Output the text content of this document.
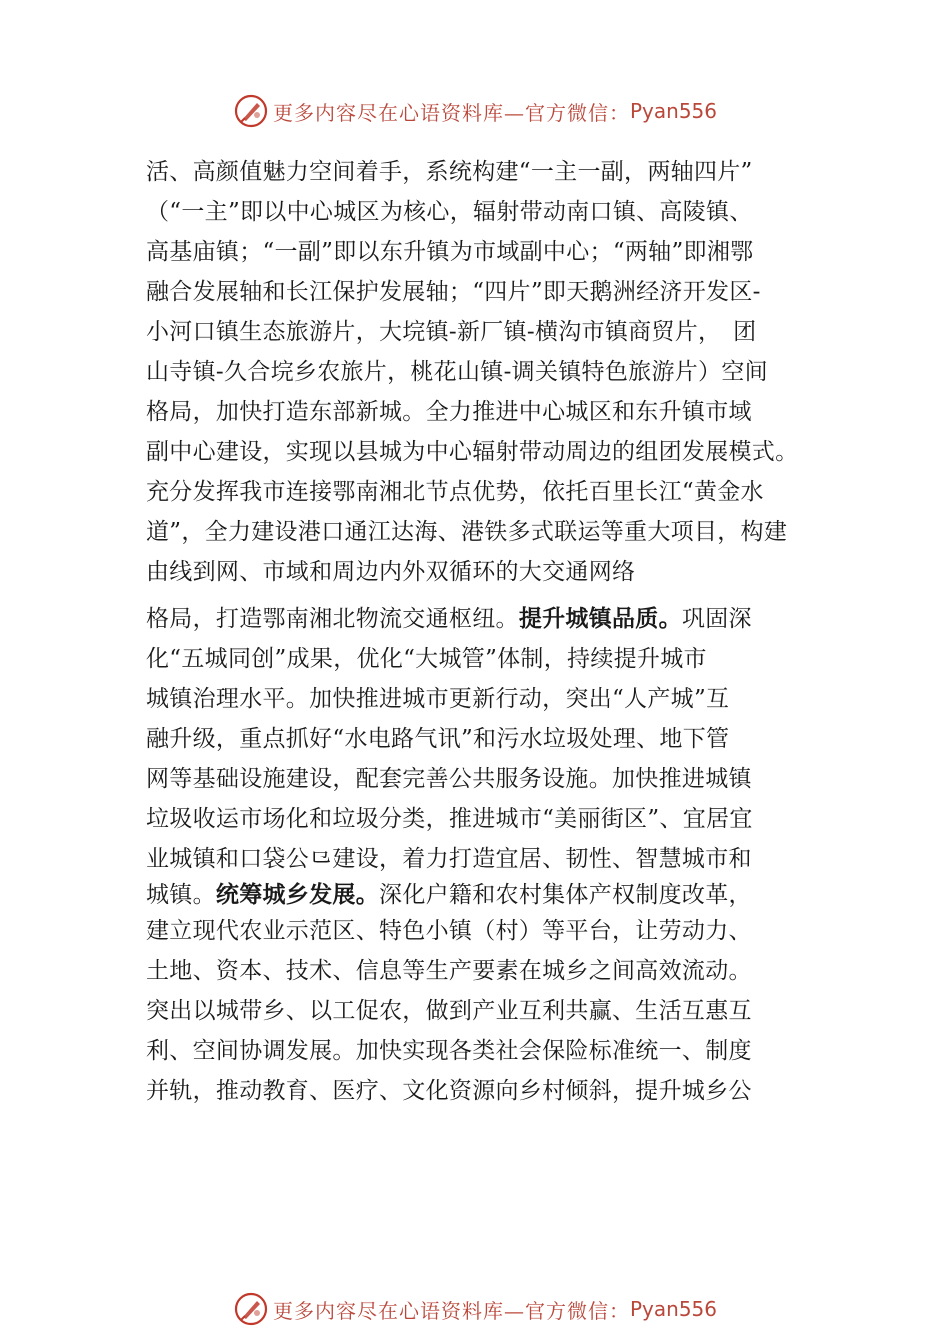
更多内容尽在心语资料库—官方微信： Pyan556
活、高颜值魅力空间着手，系统构建“一主一副，两轴四片”
（“一主”即以中心城区为核心，辐射带动南口镇、高陵镇、
高基庙镇；“一副”即以东升镇为市域副中心；“两轴”即湘鄂
融合发展轴和长江保护发展轴；“四片”即天鹅洲经济开发区-
小河口镇生态旅游片，大垸镇-新厂镇-横沟市镇商贸片，　团
山寺镇-久合垸乡农旅片，桃花山镇-调关镇特色旅游片）空间
格局，加快打造东部新城。全力推进中心城区和东升镇市域
副中心建设，实现以县城为中心辐射带动周边的组团发展模式。
充分发挥我市连接鄂南湘北节点优势，依托百里长江“黄金水
道”，全力建设港口通江达海、港铁多式联运等重大项目，构建
由线到网、市域和周边内外双循环的大交通网络
格局，打造鄂南湘北物流交通枢纽。提升城镇品质。巩固深
化“五城同创”成果，优化“大城管”体制，持续提升城市
城镇治理水平。加快推进城市更新行动，突出“人产城”互
融升级，重点抓好“水电路气讯”和污水垃圾处理、地下管
网等基础设施建设，配套完善公共服务设施。加快推进城镇
垃圾收运市场化和垃圾分类，推进城市“美丽街区”、宜居宜
业城镇和口袋公⺋建设，着力打造宜居、韧性、智慧城市和
城镇。统筹城乡发展。深化户籍和农村集体产权制度改革，
建立现代农业示范区、特色小镇（村）等平台，让劳动力、
土地、资本、技术、信息等生产要素在城乡之间高效流动。
突出以城带乡、以工促农，做到产业互利共赢、生活互惠互
利、空间协调发展。加快实现各类社会保险标准统一、制度
并轨，推动教育、医疗、文化资源向乡村倾斜，提升城乡公
更多内容尽在心语资料库—官方微信： Pyan556
